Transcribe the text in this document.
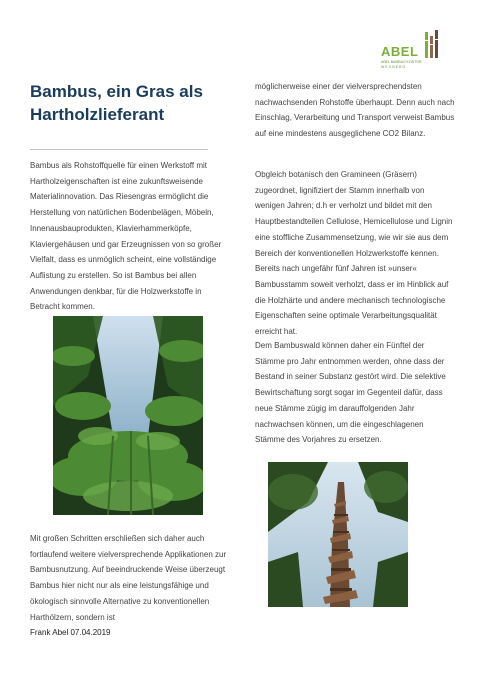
ABEL
ABEL BAMBUS KONTOR
WEGBERG
Bambus, ein Gras als Hartholzlieferant

Bambus als Rohstoffquelle für einen Werkstoff mit Hartholzeigenschaften ist eine zukunftsweisende Materialinnovation. Das Riesengras ermöglicht die Herstellung von natürlichen Bodenbelägen, Möbeln, Innenausbauprodukten, Klavierhammerköpfe, Klaviergehäusen und gar Erzeugnissen von so großer Vielfalt, dass es unmöglich scheint, eine vollständige Auflistung zu erstellen. So ist Bambus bei allen Anwendungen denkbar, für die Holzwerkstoffe in Betracht kommen.

Mit großen Schritten erschließen sich daher auch fortlaufend weitere vielversprechende Applikationen zur Bambusnutzung. Auf beeindruckende Weise überzeugt Bambus hier nicht nur als eine leistungsfähige und ökologisch sinnvolle Alternative zu konventionellen Harthölzern, sondern ist

möglicherweise einer der vielversprechendsten nachwachsenden Rohstoffe überhaupt. Denn auch nach Einschlag, Verarbeitung und Transport verweist Bambus auf eine mindestens ausgeglichene CO2 Bilanz.

Obgleich botanisch den Gramineen (Gräsern) zugeordnet, lignifiziert der Stamm innerhalb von wenigen Jahren; d.h er verholzt und bildet mit den Hauptbestandteilen Cellulose, Hemicellulose und Lignin eine stoffliche Zusammensetzung, wie wir sie aus dem Bereich der konventionellen Holzwerkstoffe kennen. Bereits nach ungefähr fünf Jahren ist »unser« Bambusstamm soweit verholzt, dass er im Hinblick auf die Holzhärte und andere mechanisch technologische Eigenschaften seine optimale Verarbeitungsqualität erreicht hat.

Dem Bambuswald können daher ein Fünftel der Stämme pro Jahr entnommen werden, ohne dass der Bestand in seiner Substanz gestört wird. Die selektive Bewirtschaftung sorgt sogar im Gegenteil dafür, dass neue Stämme zügig im darauffolgenden Jahr nachwachsen können, um die eingeschlagenen Stämme des Vorjahres zu ersetzen.

Frank Abel 07.04.2019
